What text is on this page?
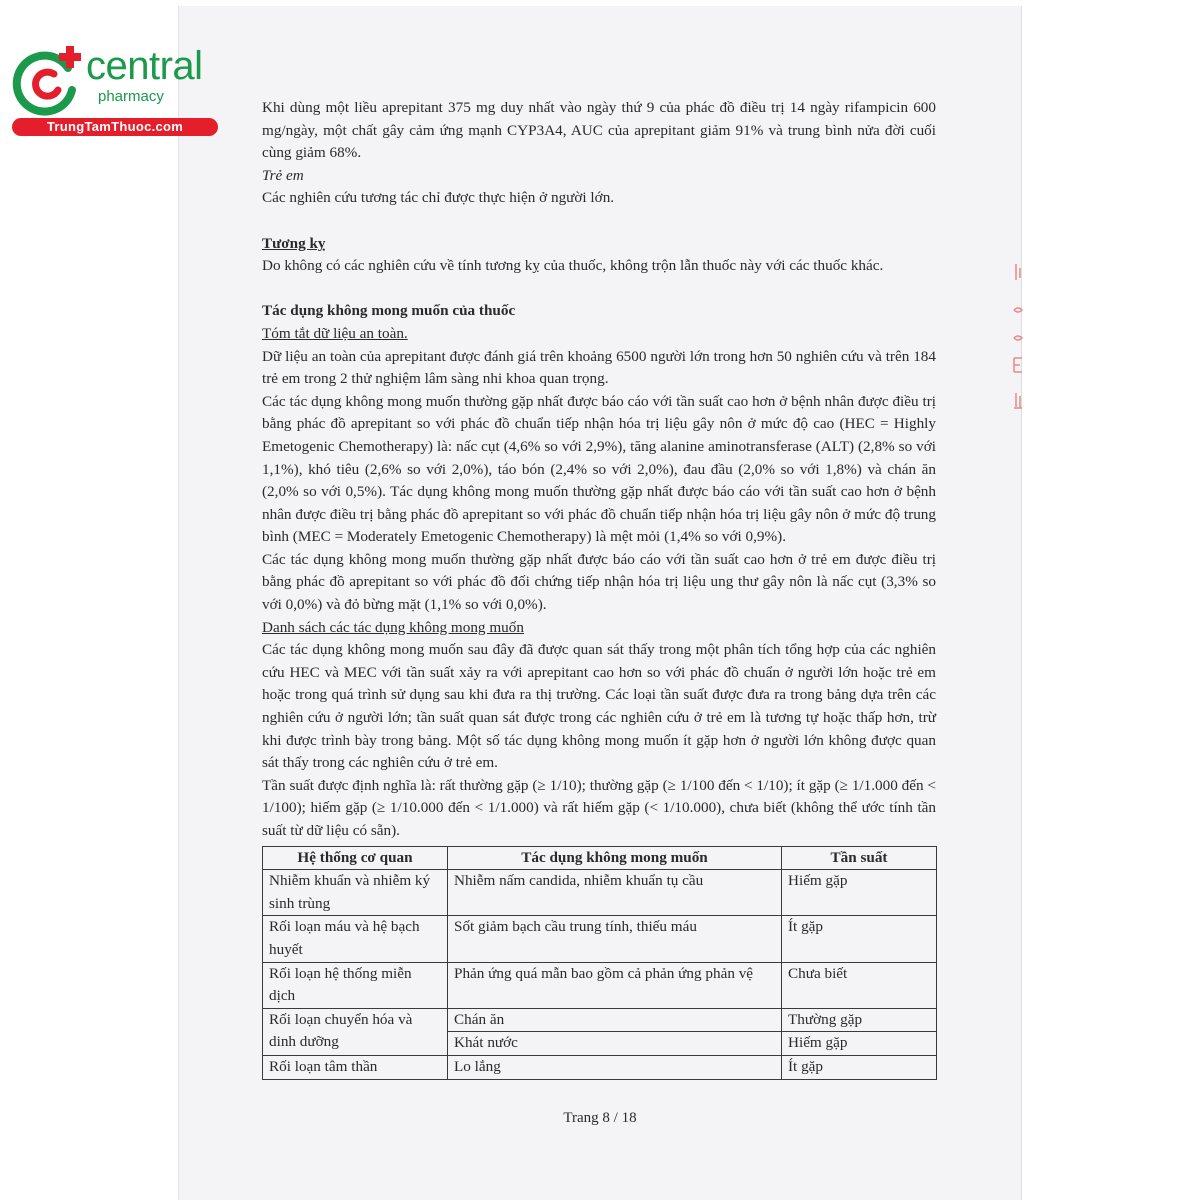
central
pharmacy
TrungTamThuoc.com

Khi dùng một liều aprepitant 375 mg duy nhất vào ngày thứ 9 của phác đồ điều trị 14 ngày rifampicin 600 mg/ngày, một chất gây cảm ứng mạnh CYP3A4, AUC của aprepitant giảm 91% và trung bình nửa đời cuối cùng giảm 68%.

Trẻ em

Các nghiên cứu tương tác chỉ được thực hiện ở người lớn.

Tương kỵ

Do không có các nghiên cứu về tính tương kỵ của thuốc, không trộn lẫn thuốc này với các thuốc khác.

Tác dụng không mong muốn của thuốc

Tóm tắt dữ liệu an toàn.

Dữ liệu an toàn của aprepitant được đánh giá trên khoảng 6500 người lớn trong hơn 50 nghiên cứu và trên 184 trẻ em trong 2 thử nghiệm lâm sàng nhi khoa quan trọng.

Các tác dụng không mong muốn thường gặp nhất được báo cáo với tần suất cao hơn ở bệnh nhân được điều trị bằng phác đồ aprepitant so với phác đồ chuẩn tiếp nhận hóa trị liệu gây nôn ở mức độ cao (HEC = Highly Emetogenic Chemotherapy) là: nấc cụt (4,6% so với 2,9%), tăng alanine aminotransferase (ALT) (2,8% so với 1,1%), khó tiêu (2,6% so với 2,0%), táo bón (2,4% so với 2,0%), đau đầu (2,0% so với 1,8%) và chán ăn (2,0% so với 0,5%). Tác dụng không mong muốn thường gặp nhất được báo cáo với tần suất cao hơn ở bệnh nhân được điều trị bằng phác đồ aprepitant so với phác đồ chuẩn tiếp nhận hóa trị liệu gây nôn ở mức độ trung bình (MEC = Moderately Emetogenic Chemotherapy) là mệt mỏi (1,4% so với 0,9%).

Các tác dụng không mong muốn thường gặp nhất được báo cáo với tần suất cao hơn ở trẻ em được điều trị bằng phác đồ aprepitant so với phác đồ đối chứng tiếp nhận hóa trị liệu ung thư gây nôn là nấc cụt (3,3% so với 0,0%) và đỏ bừng mặt (1,1% so với 0,0%).

Danh sách các tác dụng không mong muốn

Các tác dụng không mong muốn sau đây đã được quan sát thấy trong một phân tích tổng hợp của các nghiên cứu HEC và MEC với tần suất xảy ra với aprepitant cao hơn so với phác đồ chuẩn ở người lớn hoặc trẻ em hoặc trong quá trình sử dụng sau khi đưa ra thị trường. Các loại tần suất được đưa ra trong bảng dựa trên các nghiên cứu ở người lớn; tần suất quan sát được trong các nghiên cứu ở trẻ em là tương tự hoặc thấp hơn, trừ khi được trình bày trong bảng. Một số tác dụng không mong muốn ít gặp hơn ở người lớn không được quan sát thấy trong các nghiên cứu ở trẻ em.

Tần suất được định nghĩa là: rất thường gặp (≥ 1/10); thường gặp (≥ 1/100 đến < 1/10); ít gặp (≥ 1/1.000 đến < 1/100); hiếm gặp (≥ 1/10.000 đến < 1/1.000) và rất hiếm gặp (< 1/10.000), chưa biết (không thể ước tính tần suất từ dữ liệu có sẵn).

Hệ thống cơ quan	Tác dụng không mong muốn	Tần suất
Nhiễm khuẩn và nhiễm ký sinh trùng	Nhiễm nấm candida, nhiễm khuẩn tụ cầu	Hiếm gặp
Rối loạn máu và hệ bạch huyết	Sốt giảm bạch cầu trung tính, thiếu máu	Ít gặp
Rối loạn hệ thống miễn dịch	Phản ứng quá mẫn bao gồm cả phản ứng phản vệ	Chưa biết
Rối loạn chuyển hóa và dinh dưỡng	Chán ăn	Thường gặp
	Khát nước	Hiếm gặp
Rối loạn tâm thần	Lo lắng	Ít gặp
Trang 8 / 18
